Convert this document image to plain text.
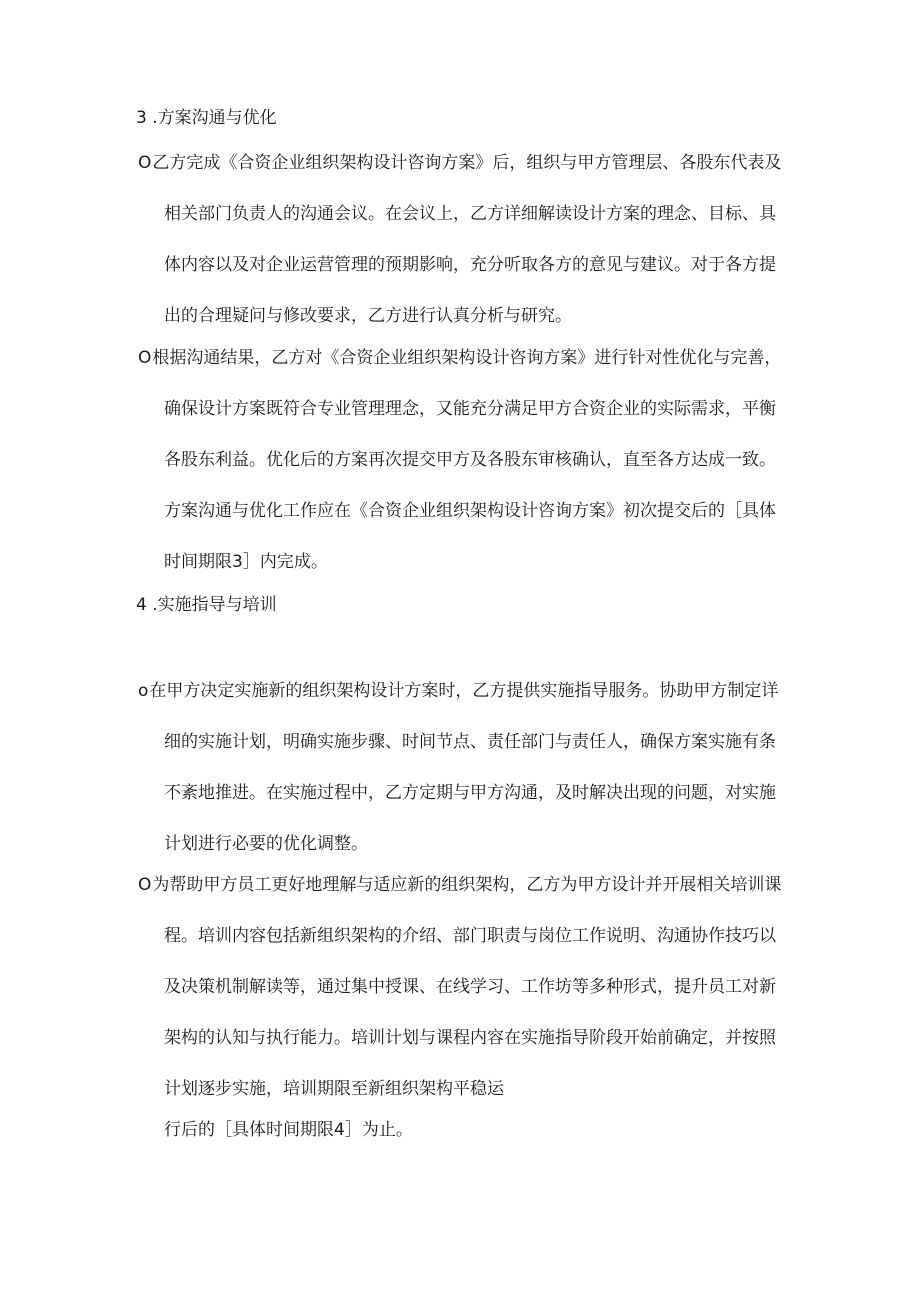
3 .方案沟通与优化
O乙方完成《合资企业组织架构设计咨询方案》后，组织与甲方管理层、各股东代表及
相关部门负责人的沟通会议。在会议上，乙方详细解读设计方案的理念、目标、具
体内容以及对企业运营管理的预期影响，充分听取各方的意见与建议。对于各方提
出的合理疑问与修改要求，乙方进行认真分析与研究。
O根据沟通结果，乙方对《合资企业组织架构设计咨询方案》进行针对性优化与完善，
确保设计方案既符合专业管理理念，又能充分满足甲方合资企业的实际需求，平衡
各股东利益。优化后的方案再次提交甲方及各股东审核确认，直至各方达成一致。
方案沟通与优化工作应在《合资企业组织架构设计咨询方案》初次提交后的［具体
时间期限3］内完成。
4 .实施指导与培训
o在甲方决定实施新的组织架构设计方案时，乙方提供实施指导服务。协助甲方制定详
细的实施计划，明确实施步骤、时间节点、责任部门与责任人，确保方案实施有条
不紊地推进。在实施过程中，乙方定期与甲方沟通，及时解决出现的问题，对实施
计划进行必要的优化调整。
O为帮助甲方员工更好地理解与适应新的组织架构，乙方为甲方设计并开展相关培训课
程。培训内容包括新组织架构的介绍、部门职责与岗位工作说明、沟通协作技巧以
及决策机制解读等，通过集中授课、在线学习、工作坊等多种形式，提升员工对新
架构的认知与执行能力。培训计划与课程内容在实施指导阶段开始前确定，并按照
计划逐步实施，培训期限至新组织架构平稳运
行后的［具体时间期限4］为止。
